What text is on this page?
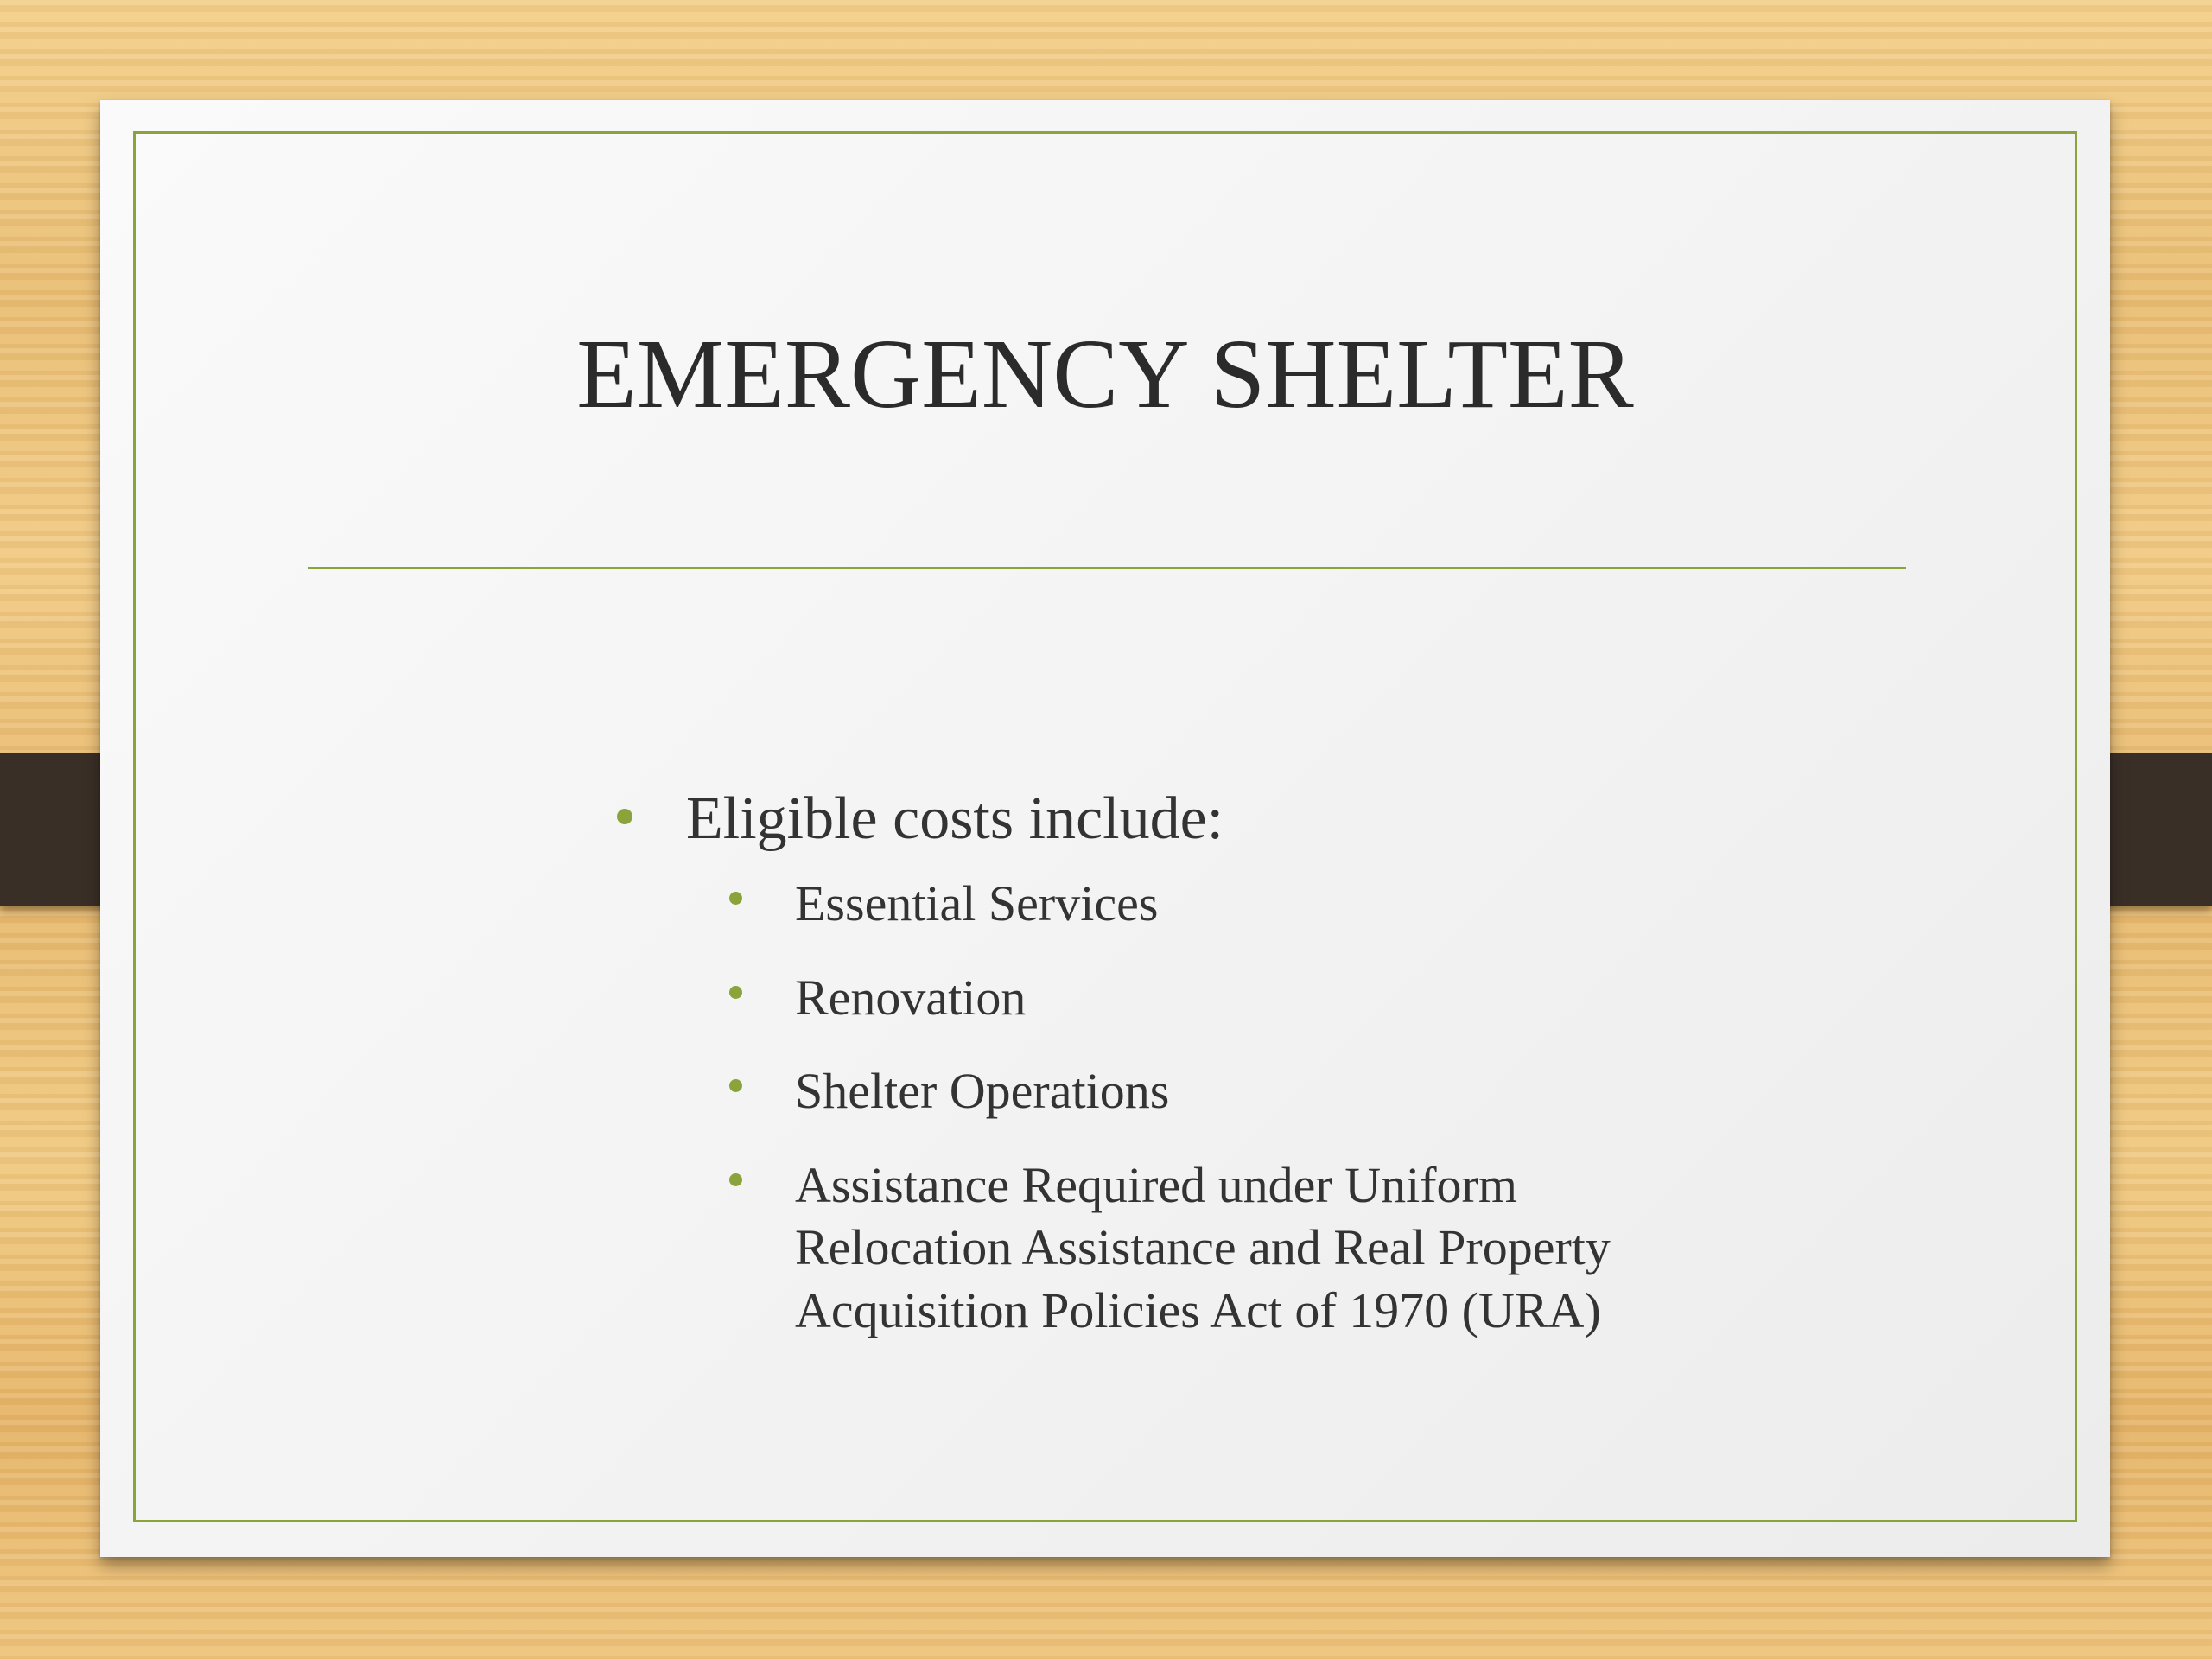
EMERGENCY SHELTER
Eligible costs include:
Essential Services
Renovation
Shelter Operations
Assistance Required under Uniform Relocation Assistance and Real Property Acquisition Policies Act of 1970 (URA)
